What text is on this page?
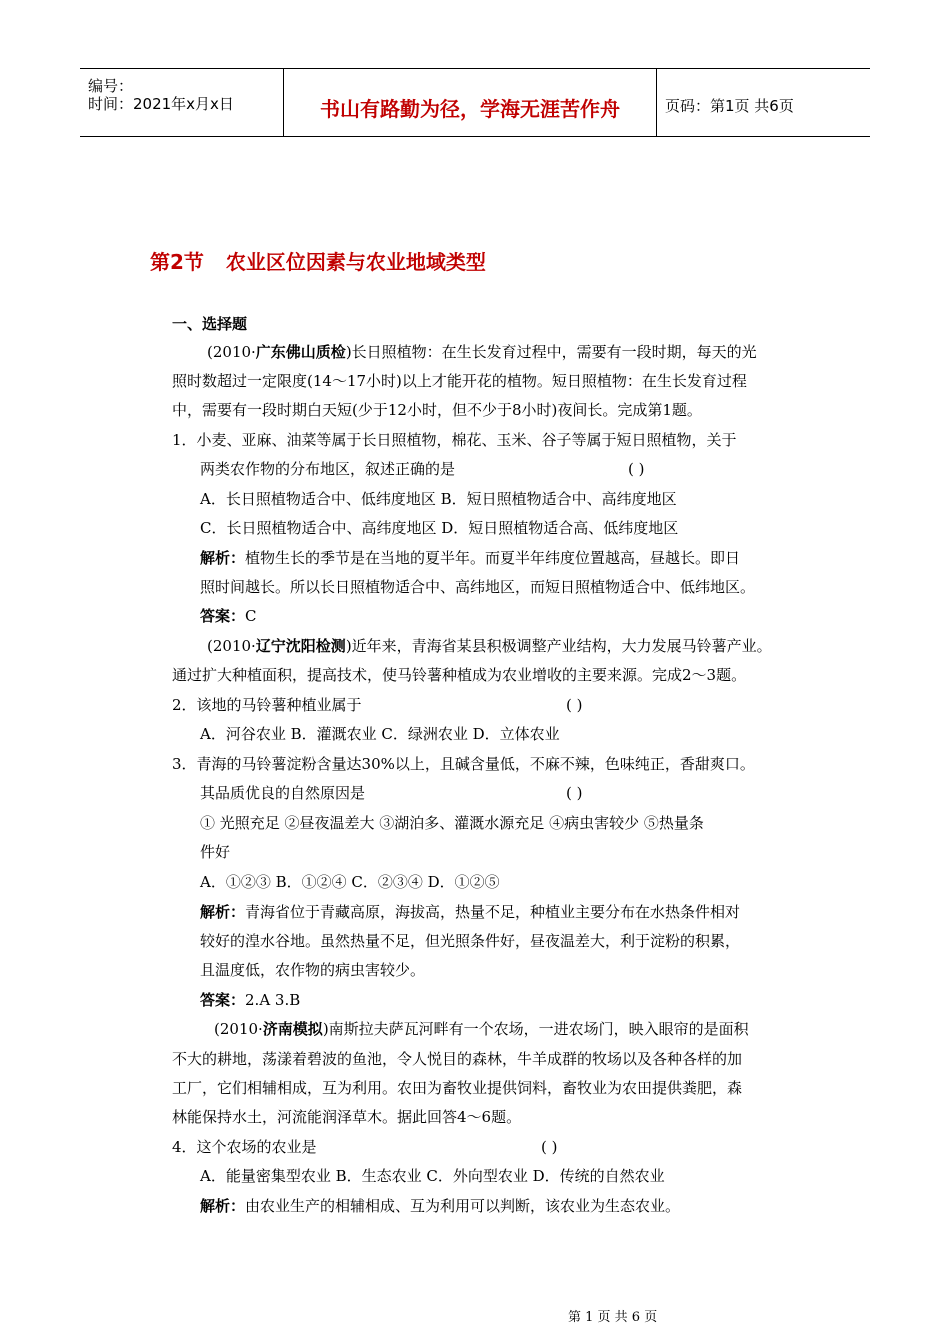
编号：
时间：2021年x月x日	书山有路勤为径，学海无涯苦作舟	页码：第1页 共6页
第2节 农业区位因素与农业地域类型
一、选择题
(2010·广东佛山质检)长日照植物：在生长发育过程中，需要有一段时期，每天的光
照时数超过一定限度(14～17小时)以上才能开花的植物。短日照植物：在生长发育过程
中，需要有一段时期白天短(少于12小时，但不少于8小时)夜间长。完成第1题。
1．小麦、亚麻、油菜等属于长日照植物，棉花、玉米、谷子等属于短日照植物，关于
两类农作物的分布地区，叙述正确的是	( )
A．长日照植物适合中、低纬度地区 B．短日照植物适合中、高纬度地区
C．长日照植物适合中、高纬度地区 D．短日照植物适合高、低纬度地区
解析：植物生长的季节是在当地的夏半年。而夏半年纬度位置越高，昼越长。即日
照时间越长。所以长日照植物适合中、高纬地区，而短日照植物适合中、低纬地区。
答案：C
(2010·辽宁沈阳检测)近年来，青海省某县积极调整产业结构，大力发展马铃薯产业。
通过扩大种植面积，提高技术，使马铃薯种植成为农业增收的主要来源。完成2～3题。
2．该地的马铃薯种植业属于	( )
A．河谷农业 B．灌溉农业 C．绿洲农业 D．立体农业
3．青海的马铃薯淀粉含量达30%以上，且碱含量低，不麻不辣，色味纯正，香甜爽口。
其品质优良的自然原因是	( )
① 光照充足 ②昼夜温差大 ③湖泊多、灌溉水源充足 ④病虫害较少 ⑤热量条
件好
A．①②③ B．①②④ C．②③④ D．①②⑤
解析：青海省位于青藏高原，海拔高，热量不足，种植业主要分布在水热条件相对
较好的湟水谷地。虽然热量不足，但光照条件好，昼夜温差大，利于淀粉的积累，
且温度低，农作物的病虫害较少。
答案：2.A 3.B
(2010·济南模拟)南斯拉夫萨瓦河畔有一个农场，一进农场门，映入眼帘的是面积
不大的耕地，荡漾着碧波的鱼池，令人悦目的森林，牛羊成群的牧场以及各种各样的加
工厂，它们相辅相成，互为利用。农田为畜牧业提供饲料，畜牧业为农田提供粪肥，森
林能保持水土，河流能润泽草木。据此回答4～6题。
4．这个农场的农业是	( )
A．能量密集型农业 B．生态农业 C．外向型农业 D．传统的自然农业
解析：由农业生产的相辅相成、互为利用可以判断，该农业为生态农业。
第 1 页 共 6 页
